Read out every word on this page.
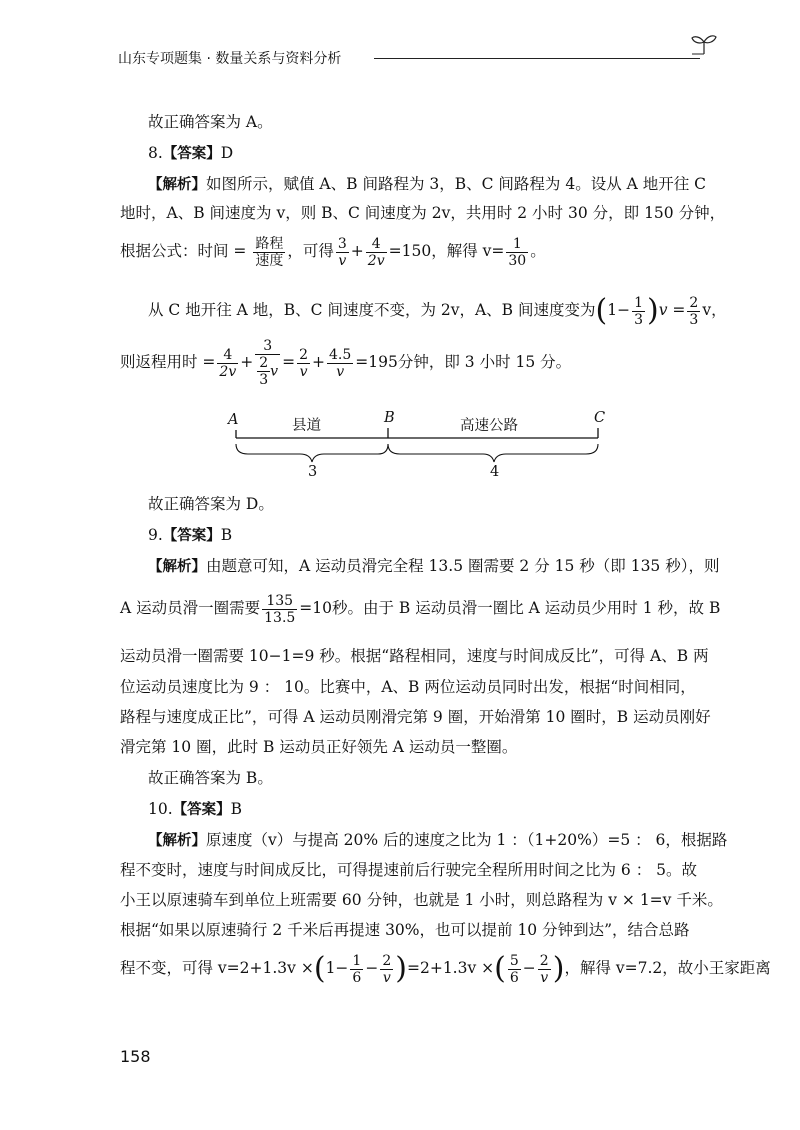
山东专项题集 · 数量关系与资料分析
故正确答案为 A。
8.【答案】D
【解析】如图所示，赋值 A、B 间路程为 3，B、C 间路程为 4。设从 A 地开往 C
地时，A、B 间速度为 v，则 B、C 间速度为 2v，共用时 2 小时 30 分，即 150 分钟，
根据公式：时间 = $\frac{\text{路程}}{\text{速度}}$ ，可得 $\frac{3}{v} + \frac{4}{2v} =150$，解得 $v= \frac{1}{30}$ 。
从 C 地开往 A 地，B、C 间速度不变，为 2v，A、B 间速度变为$(1- \frac{1}{3} )v = \frac{2}{3}$ v，
则返程用时 = $\frac{4}{2v} + \frac{3}{\frac{2}{3} v} = \frac{2}{v} + \frac{4.5}{v} =195$分钟，即 3 小时 15 分。
A	县道	B	高速公路	C
3	4
故正确答案为 D。
9.【答案】B
【解析】由题意可知，A 运动员滑完全程 13.5 圈需要 2 分 15 秒（即 135 秒），则
A 运动员滑一圈需要 $\frac{135}{13.5} =10$秒。由于 B 运动员滑一圈比 A 运动员少用时 1 秒，故 B
运动员滑一圈需要 10−1=9 秒。根据“路程相同，速度与时间成反比”，可得 A、B 两
位运动员速度比为 9 ： 10。比赛中，A、B 两位运动员同时出发，根据“时间相同，
路程与速度成正比”，可得 A 运动员刚滑完第 9 圈，开始滑第 10 圈时，B 运动员刚好
滑完第 10 圈，此时 B 运动员正好领先 A 运动员一整圈。
故正确答案为 B。
10.【答案】B
【解析】原速度（v）与提高 20% 后的速度之比为 1 ：（1+20%）=5 ： 6，根据路
程不变时，速度与时间成反比，可得提速前后行驶完全程所用时间之比为 6 ： 5。故
小王以原速骑车到单位上班需要 60 分钟，也就是 1 小时，则总路程为 v × 1=v 千米。
根据“如果以原速骑行 2 千米后再提速 30%，也可以提前 10 分钟到达”，结合总路
程不变，可得 $v=2+1.3v \times(1- \frac{1}{6} - \frac{2}{v} )=2+1.3v$ ×( $\frac{5}{6} - \frac{2}{v}$ )，解得 v=7.2，故小王家距离
158
